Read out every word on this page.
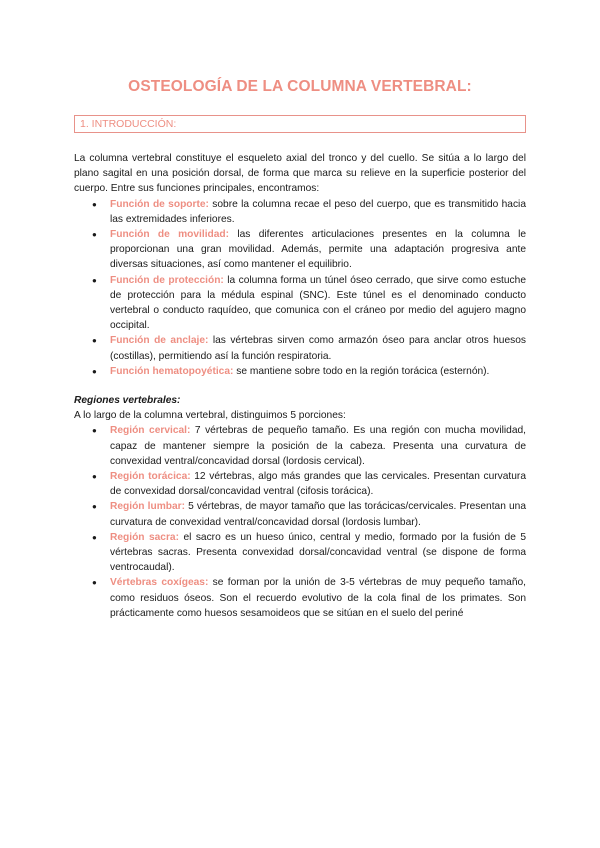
OSTEOLOGÍA DE LA COLUMNA VERTEBRAL:
1. INTRODUCCIÓN:

La columna vertebral constituye el esqueleto axial del tronco y del cuello. Se sitúa a lo largo del plano sagital en una posición dorsal, de forma que marca su relieve en la superficie posterior del cuerpo. Entre sus funciones principales, encontramos:

● Función de soporte: sobre la columna recae el peso del cuerpo, que es transmitido hacia las extremidades inferiores.
● Función de movilidad: las diferentes articulaciones presentes en la columna le proporcionan una gran movilidad. Además, permite una adaptación progresiva ante diversas situaciones, así como mantener el equilibrio.
● Función de protección: la columna forma un túnel óseo cerrado, que sirve como estuche de protección para la médula espinal (SNC). Este túnel es el denominado conducto vertebral o conducto raquídeo, que comunica con el cráneo por medio del agujero magno occipital.
● Función de anclaje: las vértebras sirven como armazón óseo para anclar otros huesos (costillas), permitiendo así la función respiratoria.
● Función hematopoyética: se mantiene sobre todo en la región torácica (esternón).

Regiones vertebrales:

A lo largo de la columna vertebral, distinguimos 5 porciones:

● Región cervical: 7 vértebras de pequeño tamaño. Es una región con mucha movilidad, capaz de mantener siempre la posición de la cabeza. Presenta una curvatura de convexidad ventral/concavidad dorsal (lordosis cervical).
● Región torácica: 12 vértebras, algo más grandes que las cervicales. Presentan curvatura de convexidad dorsal/concavidad ventral (cifosis torácica).
● Región lumbar: 5 vértebras, de mayor tamaño que las torácicas/cervicales. Presentan una curvatura de convexidad ventral/concavidad dorsal (lordosis lumbar).
● Región sacra: el sacro es un hueso único, central y medio, formado por la fusión de 5 vértebras sacras. Presenta convexidad dorsal/concavidad ventral (se dispone de forma ventrocaudal).
● Vértebras coxígeas: se forman por la unión de 3-5 vértebras de muy pequeño tamaño, como residuos óseos. Son el recuerdo evolutivo de la cola final de los primates. Son prácticamente como huesos sesamoideos que se sitúan en el suelo del periné
